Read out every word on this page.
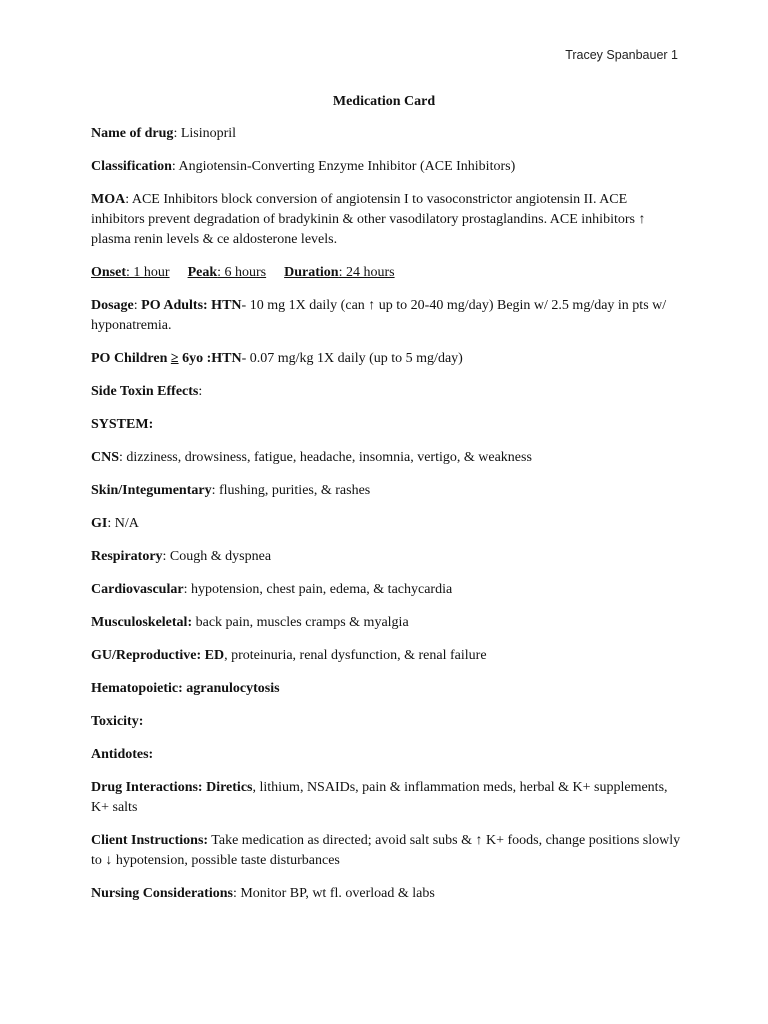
Tracey Spanbauer 1
Medication Card

Name of drug: Lisinopril

Classification: Angiotensin-Converting Enzyme Inhibitor (ACE Inhibitors)

MOA: ACE Inhibitors block conversion of angiotensin I to vasoconstrictor angiotensin II. ACE inhibitors prevent degradation of bradykinin & other vasodilatory prostaglandins. ACE inhibitors ↑ plasma renin levels & ce aldosterone levels.

Onset: 1 hour Peak: 6 hours Duration: 24 hours

Dosage: PO Adults: HTN- 10 mg 1X daily (can ↑ up to 20-40 mg/day) Begin w/ 2.5 mg/day in pts w/ hyponatremia.

PO Children ≥ 6yo :HTN- 0.07 mg/kg 1X daily (up to 5 mg/day)

Side Toxin Effects:

SYSTEM:

CNS: dizziness, drowsiness, fatigue, headache, insomnia, vertigo, & weakness

Skin/Integumentary: flushing, purities, & rashes

GI: N/A

Respiratory: Cough & dyspnea

Cardiovascular: hypotension, chest pain, edema, & tachycardia

Musculoskeletal: back pain, muscles cramps & myalgia

GU/Reproductive: ED, proteinuria, renal dysfunction, & renal failure

Hematopoietic: agranulocytosis

Toxicity:

Antidotes:

Drug Interactions: Diretics, lithium, NSAIDs, pain & inflammation meds, herbal & K+ supplements, K+ salts

Client Instructions: Take medication as directed; avoid salt subs & ↑ K+ foods, change positions slowly to ↓ hypotension, possible taste disturbances

Nursing Considerations: Monitor BP, wt fl. overload & labs
